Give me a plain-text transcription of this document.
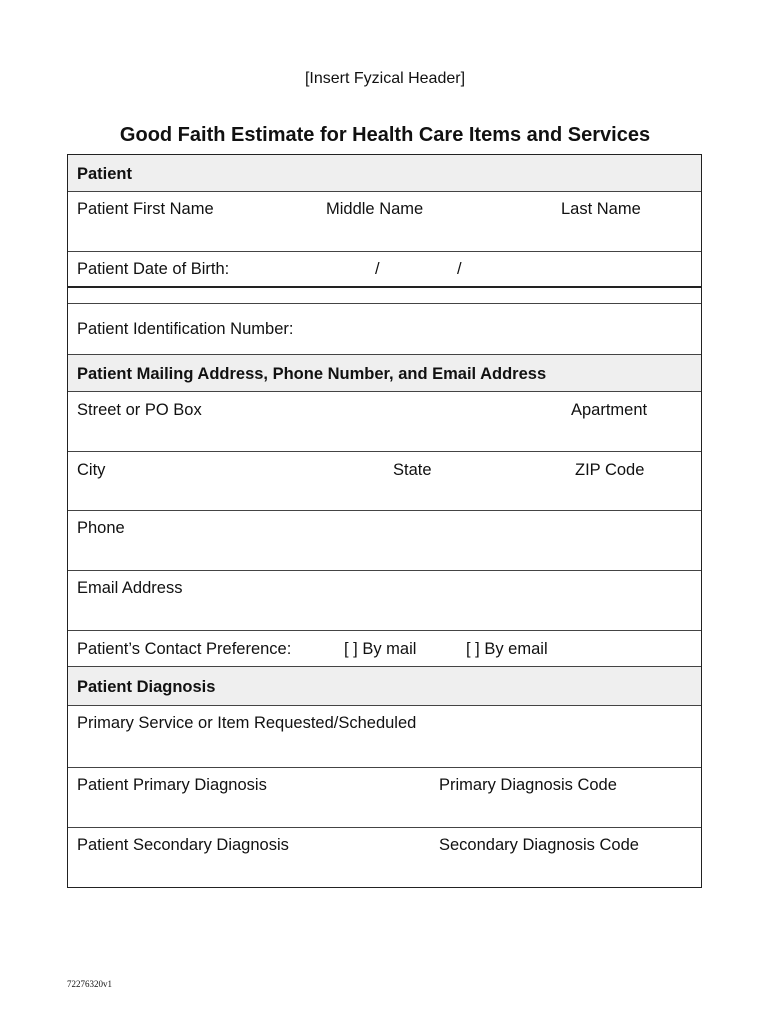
[Insert Fyzical Header]
Good Faith Estimate for Health Care Items and Services
Patient
Patient First Name	Middle Name	Last Name
Patient Date of Birth:	/	/
Patient Identification Number:
Patient Mailing Address, Phone Number, and Email Address
Street or PO Box	Apartment
City	State	ZIP Code
Phone
Email Address
Patient’s Contact Preference:	[ ] By mail	[ ] By email
Patient Diagnosis
Primary Service or Item Requested/Scheduled
Patient Primary Diagnosis	Primary Diagnosis Code
Patient Secondary Diagnosis	Secondary Diagnosis Code
72276320v1
